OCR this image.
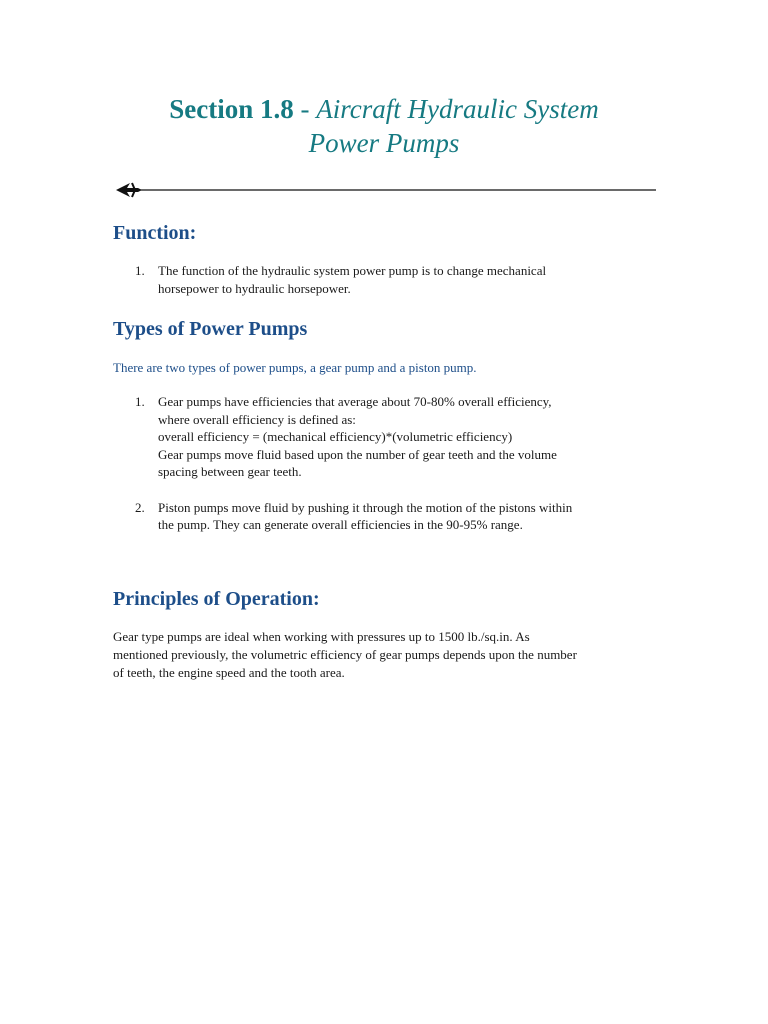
Section 1.8 - Aircraft Hydraulic System
Power Pumps
Function:
1. The function of the hydraulic system power pump is to change mechanical
horsepower to hydraulic horsepower.
Types of Power Pumps
There are two types of power pumps, a gear pump and a piston pump.
1. Gear pumps have efficiencies that average about 70-80% overall efficiency,
where overall efficiency is defined as:
overall efficiency = (mechanical efficiency)*(volumetric efficiency)
Gear pumps move fluid based upon the number of gear teeth and the volume
spacing between gear teeth.
2. Piston pumps move fluid by pushing it through the motion of the pistons within
the pump. They can generate overall efficiencies in the 90-95% range.
Principles of Operation:
Gear type pumps are ideal when working with pressures up to 1500 lb./sq.in. As
mentioned previously, the volumetric efficiency of gear pumps depends upon the number
of teeth, the engine speed and the tooth area.
